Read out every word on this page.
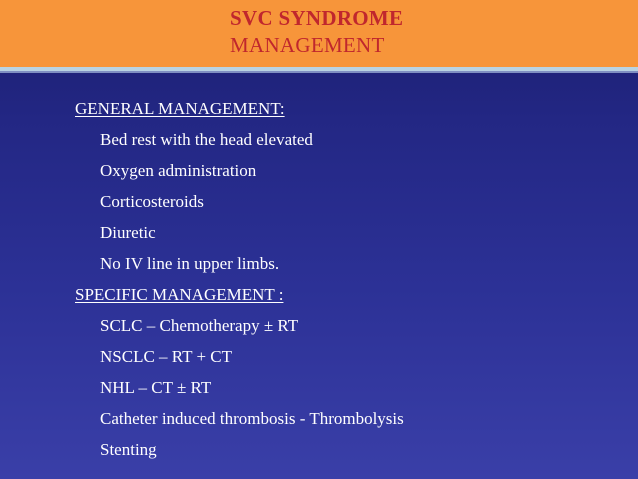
SVC SYNDROME
MANAGEMENT
GENERAL MANAGEMENT:
Bed rest with the head elevated
Oxygen administration
Corticosteroids
Diuretic
No IV line in upper limbs.
SPECIFIC MANAGEMENT :
SCLC – Chemotherapy ± RT
NSCLC – RT + CT
NHL – CT ± RT
Catheter induced thrombosis - Thrombolysis
Stenting
